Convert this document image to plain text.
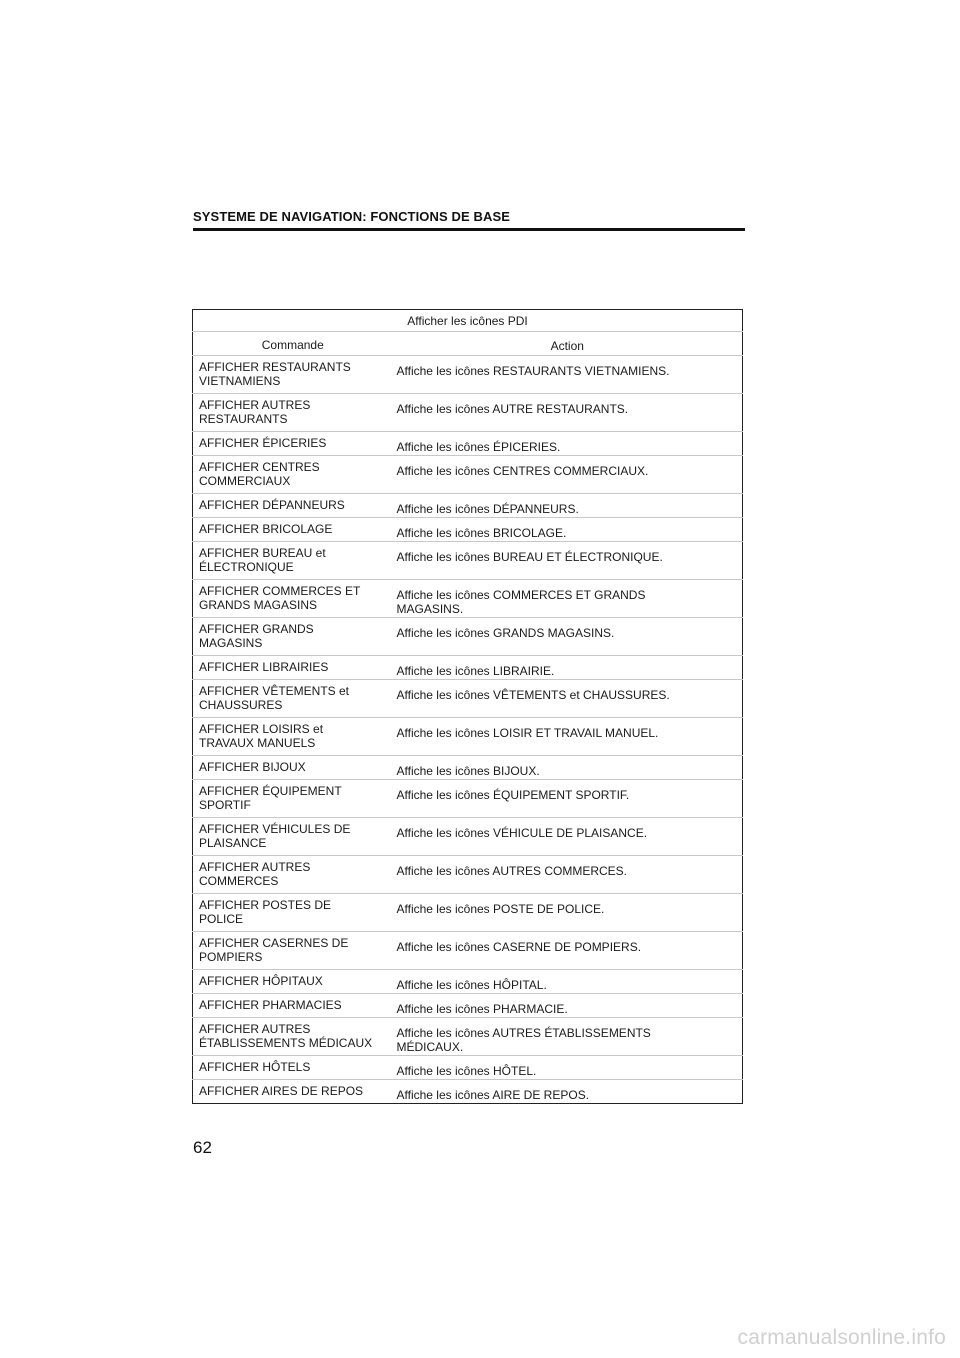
SYSTEME DE NAVIGATION: FONCTIONS DE BASE
Afficher les icônes PDI	
Commande	Action
AFFICHER RESTAURANTS
VIETNAMIENS	Affiche les icônes RESTAURANTS VIETNAMIENS.
AFFICHER AUTRES
RESTAURANTS	Affiche les icônes AUTRE RESTAURANTS.
AFFICHER ÉPICERIES	Affiche les icônes ÉPICERIES.
AFFICHER CENTRES
COMMERCIAUX	Affiche les icônes CENTRES COMMERCIAUX.
AFFICHER DÉPANNEURS	Affiche les icônes DÉPANNEURS.
AFFICHER BRICOLAGE	Affiche les icônes BRICOLAGE.
AFFICHER BUREAU et
ÉLECTRONIQUE	Affiche les icônes BUREAU ET ÉLECTRONIQUE.
AFFICHER COMMERCES ET
GRANDS MAGASINS	Affiche les icônes COMMERCES ET GRANDS
MAGASINS.
AFFICHER GRANDS
MAGASINS	Affiche les icônes GRANDS MAGASINS.
AFFICHER LIBRAIRIES	Affiche les icônes LIBRAIRIE.
AFFICHER VÊTEMENTS et
CHAUSSURES	Affiche les icônes VÊTEMENTS et CHAUSSURES.
AFFICHER LOISIRS et
TRAVAUX MANUELS	Affiche les icônes LOISIR ET TRAVAIL MANUEL.
AFFICHER BIJOUX	Affiche les icônes BIJOUX.
AFFICHER ÉQUIPEMENT
SPORTIF	Affiche les icônes ÉQUIPEMENT SPORTIF.
AFFICHER VÉHICULES DE
PLAISANCE	Affiche les icônes VÉHICULE DE PLAISANCE.
AFFICHER AUTRES
COMMERCES	Affiche les icônes AUTRES COMMERCES.
AFFICHER POSTES DE
POLICE	Affiche les icônes POSTE DE POLICE.
AFFICHER CASERNES DE
POMPIERS	Affiche les icônes CASERNE DE POMPIERS.
AFFICHER HÔPITAUX	Affiche les icônes HÔPITAL.
AFFICHER PHARMACIES	Affiche les icônes PHARMACIE.
AFFICHER AUTRES
ÉTABLISSEMENTS MÉDICAUX	Affiche les icônes AUTRES ÉTABLISSEMENTS
MÉDICAUX.
AFFICHER HÔTELS	Affiche les icônes HÔTEL.
AFFICHER AIRES DE REPOS	Affiche les icônes AIRE DE REPOS.
62
carmanualsonline.info
